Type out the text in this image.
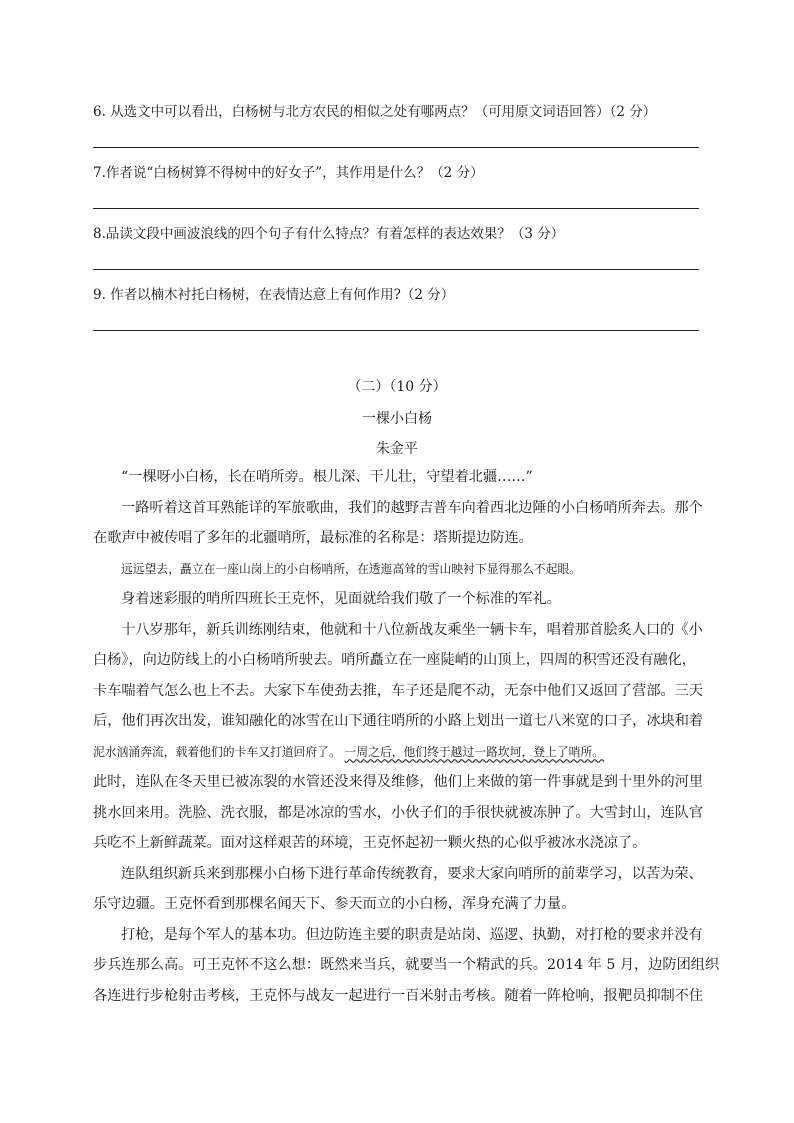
6. 从选文中可以看出，白杨树与北方农民的相似之处有哪两点？（可用原文词语回答）（2 分）
7.作者说“白杨树算不得树中的好女子”，其作用是什么？（2 分）
8.品读文段中画波浪线的四个句子有什么特点？有着怎样的表达效果？（3 分）
9. 作者以楠木衬托白杨树，在表情达意上有何作用?（2 分）
（二）（10 分）
一棵小白杨
朱金平
“一棵呀小白杨，长在哨所旁。根儿深、干儿壮，守望着北疆……”
一路听着这首耳熟能详的军旅歌曲，我们的越野吉普车向着西北边陲的小白杨哨所奔去。那个
在歌声中被传唱了多年的北疆哨所，最标准的名称是：塔斯提边防连。
远远望去，矗立在一座山岗上的小白杨哨所，在透迤高耸的雪山映衬下显得那么不起眼。
身着迷彩服的哨所四班长王克怀，见面就给我们敬了一个标准的军礼。
十八岁那年，新兵训练刚结束，他就和十八位新战友乘坐一辆卡车，唱着那首脍炙人口的《小
白杨》，向边防线上的小白杨哨所驶去。哨所矗立在一座陡峭的山顶上，四周的积雪还没有融化，
卡车喘着气怎么也上不去。大家下车使劲去推，车子还是爬不动，无奈中他们又返回了营部。三天
后，他们再次出发，谁知融化的冰雪在山下通往哨所的小路上划出一道七八米宽的口子，冰块和着
泥水汹涌奔流，载着他们的卡车又打道回府了。 一周之后，他们终于越过一路坎坷，登上了哨所。
此时，连队在冬天里已被冻裂的水管还没来得及维修，他们上来做的第一件事就是到十里外的河里
挑水回来用。洗脸、洗衣服，都是冰凉的雪水，小伙子们的手很快就被冻肿了。大雪封山，连队官
兵吃不上新鲜蔬菜。面对这样艰苦的环境，王克怀起初一颗火热的心似乎被冰水浇凉了。
连队组织新兵来到那棵小白杨下进行革命传统教育，要求大家向哨所的前辈学习，以苦为荣、
乐守边疆。王克怀看到那棵名闻天下、参天而立的小白杨，浑身充满了力量。
打枪，是每个军人的基本功。但边防连主要的职责是站岗、巡逻、执勤，对打枪的要求并没有
步兵连那么高。可王克怀不这么想：既然来当兵，就要当一个精武的兵。2014 年 5 月，边防团组织
各连进行步枪射击考核，王克怀与战友一起进行一百米射击考核。随着一阵枪响，报靶员抑制不住
